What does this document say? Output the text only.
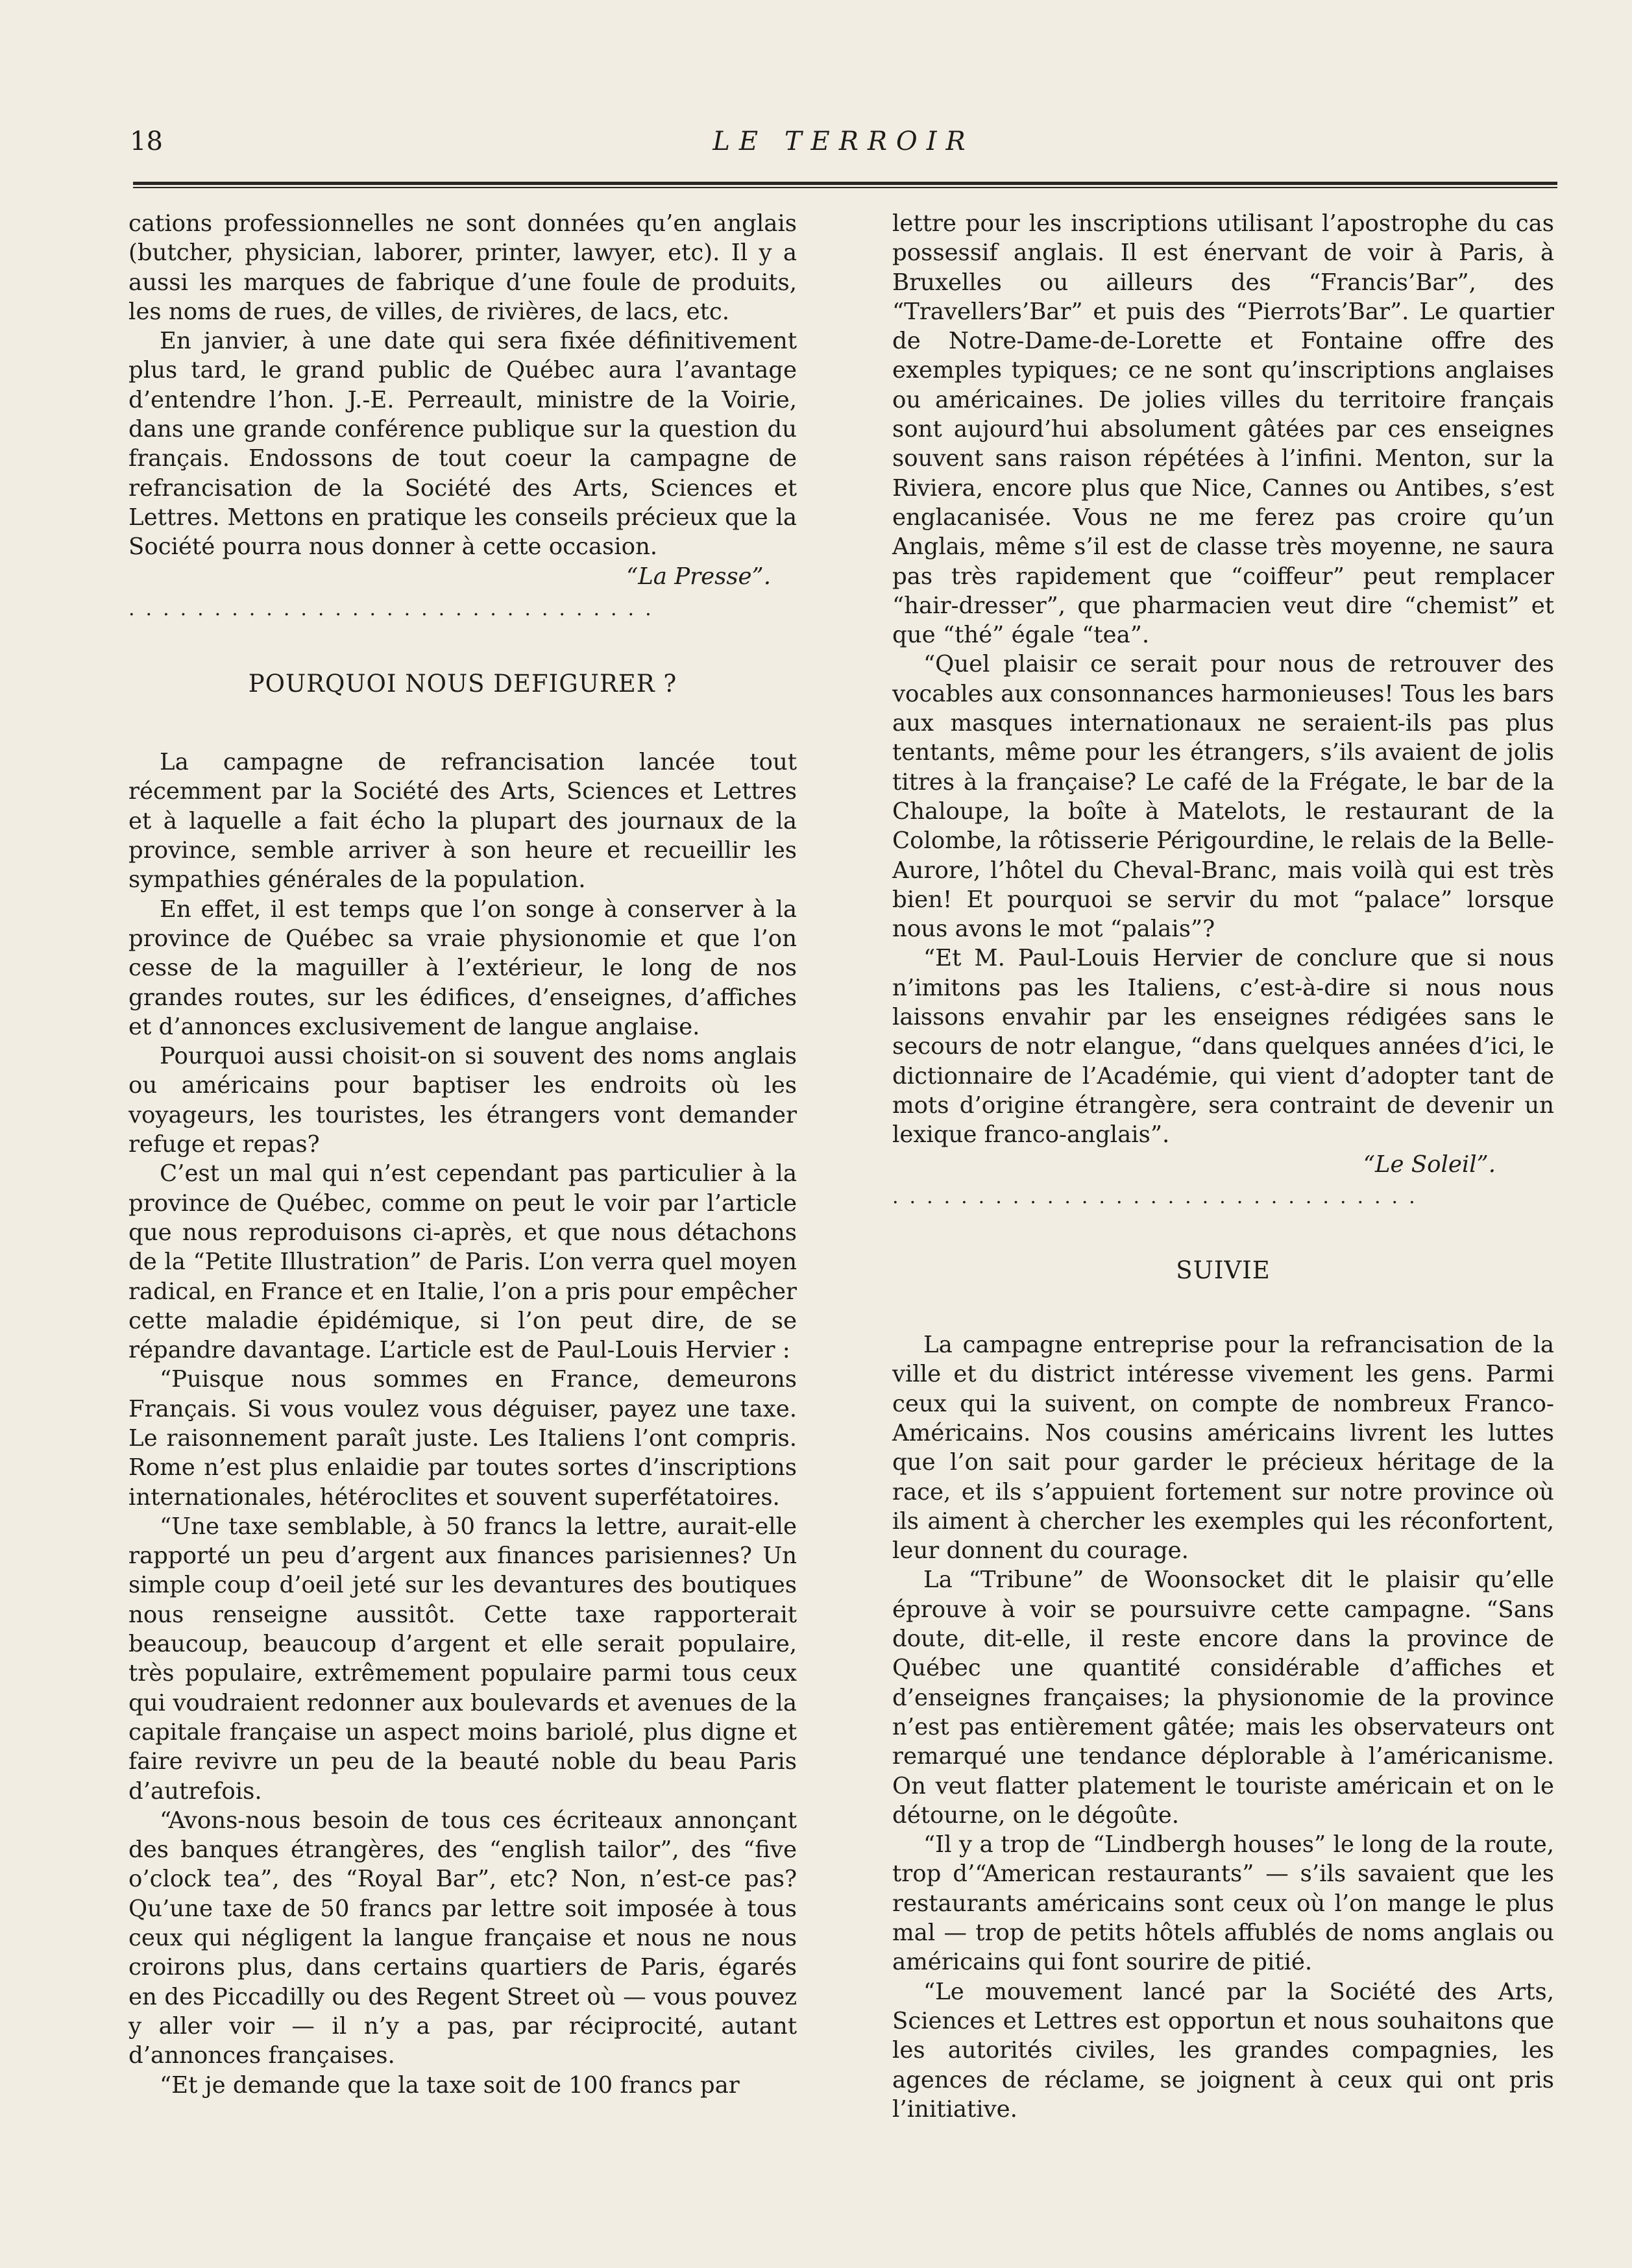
18	LE TERROIR

cations professionnelles ne sont données qu’en anglais (butcher, physician, laborer, printer, lawyer, etc). Il y a aussi les marques de fabrique d’une foule de produits, les noms de rues, de villes, de rivières, de lacs, etc.

En janvier, à une date qui sera fixée définitivement plus tard, le grand public de Québec aura l’avantage d’entendre l’hon. J.-E. Perreault, ministre de la Voirie, dans une grande conférence publique sur la question du français. Endossons de tout coeur la campagne de refrancisation de la Société des Arts, Sciences et Lettres. Mettons en pratique les conseils précieux que la Société pourra nous donner à cette occasion.

“La Presse”.

...............................
POURQUOI NOUS DEFIGURER ?

La campagne de refrancisation lancée tout récemment par la Société des Arts, Sciences et Lettres et à laquelle a fait écho la plupart des journaux de la province, semble arriver à son heure et recueillir les sympathies générales de la population.

En effet, il est temps que l’on songe à conserver à la province de Québec sa vraie physionomie et que l’on cesse de la maguiller à l’extérieur, le long de nos grandes routes, sur les édifices, d’enseignes, d’affiches et d’annonces exclusivement de langue anglaise.

Pourquoi aussi choisit-on si souvent des noms anglais ou américains pour baptiser les endroits où les voyageurs, les touristes, les étrangers vont demander refuge et repas?

C’est un mal qui n’est cependant pas particulier à la province de Québec, comme on peut le voir par l’article que nous reproduisons ci-après, et que nous détachons de la “Petite Illustration” de Paris. L’on verra quel moyen radical, en France et en Italie, l’on a pris pour empêcher cette maladie épidémique, si l’on peut dire, de se répandre davantage. L’article est de Paul-Louis Hervier :

“Puisque nous sommes en France, demeurons Français. Si vous voulez vous déguiser, payez une taxe. Le raisonnement paraît juste. Les Italiens l’ont compris. Rome n’est plus enlaidie par toutes sortes d’inscriptions internationales, hétéroclites et souvent superfétatoires.

“Une taxe semblable, à 50 francs la lettre, aurait-elle rapporté un peu d’argent aux finances parisiennes? Un simple coup d’oeil jeté sur les devantures des boutiques nous renseigne aussitôt. Cette taxe rapporterait beaucoup, beaucoup d’argent et elle serait populaire, très populaire, extrêmement populaire parmi tous ceux qui voudraient redonner aux boulevards et avenues de la capitale française un aspect moins bariolé, plus digne et faire revivre un peu de la beauté noble du beau Paris d’autrefois.

“Avons-nous besoin de tous ces écriteaux annonçant des banques étrangères, des “english tailor”, des “five o’clock tea”, des “Royal Bar”, etc? Non, n’est-ce pas? Qu’une taxe de 50 francs par lettre soit imposée à tous ceux qui négligent la langue française et nous ne nous croirons plus, dans certains quartiers de Paris, égarés en des Piccadilly ou des Regent Street où — vous pouvez y aller voir — il n’y a pas, par réciprocité, autant d’annonces françaises.

“Et je demande que la taxe soit de 100 francs par

lettre pour les inscriptions utilisant l’apostrophe du cas possessif anglais. Il est énervant de voir à Paris, à Bruxelles ou ailleurs des “Francis’Bar”, des “Travellers’Bar” et puis des “Pierrots’Bar”. Le quartier de Notre-Dame-de-Lorette et Fontaine offre des exemples typiques; ce ne sont qu’inscriptions anglaises ou américaines. De jolies villes du territoire français sont aujourd’hui absolument gâtées par ces enseignes souvent sans raison répétées à l’infini. Menton, sur la Riviera, encore plus que Nice, Cannes ou Antibes, s’est englacanisée. Vous ne me ferez pas croire qu’un Anglais, même s’il est de classe très moyenne, ne saura pas très rapidement que “coiffeur” peut remplacer “hair-dresser”, que pharmacien veut dire “chemist” et que “thé” égale “tea”.

“Quel plaisir ce serait pour nous de retrouver des vocables aux consonnances harmonieuses! Tous les bars aux masques internationaux ne seraient-ils pas plus tentants, même pour les étrangers, s’ils avaient de jolis titres à la française? Le café de la Frégate, le bar de la Chaloupe, la boîte à Matelots, le restaurant de la Colombe, la rôtisserie Périgourdine, le relais de la Belle-Aurore, l’hôtel du Cheval-Branc, mais voilà qui est très bien! Et pourquoi se servir du mot “palace” lorsque nous avons le mot “palais”?

“Et M. Paul-Louis Hervier de conclure que si nous n’imitons pas les Italiens, c’est-à-dire si nous nous laissons envahir par les enseignes rédigées sans le secours de notr elangue, “dans quelques années d’ici, le dictionnaire de l’Académie, qui vient d’adopter tant de mots d’origine étrangère, sera contraint de devenir un lexique franco-anglais”.

“Le Soleil”.

...............................
SUIVIE

La campagne entreprise pour la refrancisation de la ville et du district intéresse vivement les gens. Parmi ceux qui la suivent, on compte de nombreux Franco-Américains. Nos cousins américains livrent les luttes que l’on sait pour garder le précieux héritage de la race, et ils s’appuient fortement sur notre province où ils aiment à chercher les exemples qui les réconfortent, leur donnent du courage.

La “Tribune” de Woonsocket dit le plaisir qu’elle éprouve à voir se poursuivre cette campagne. “Sans doute, dit-elle, il reste encore dans la province de Québec une quantité considérable d’affiches et d’enseignes françaises; la physionomie de la province n’est pas entièrement gâtée; mais les observateurs ont remarqué une tendance déplorable à l’américanisme. On veut flatter platement le touriste américain et on le détourne, on le dégoûte.

“Il y a trop de “Lindbergh houses” le long de la route, trop d’“American restaurants” — s’ils savaient que les restaurants américains sont ceux où l’on mange le plus mal — trop de petits hôtels affublés de noms anglais ou américains qui font sourire de pitié.

“Le mouvement lancé par la Société des Arts, Sciences et Lettres est opportun et nous souhaitons que les autorités civiles, les grandes compagnies, les agences de réclame, se joignent à ceux qui ont pris l’initiative.
